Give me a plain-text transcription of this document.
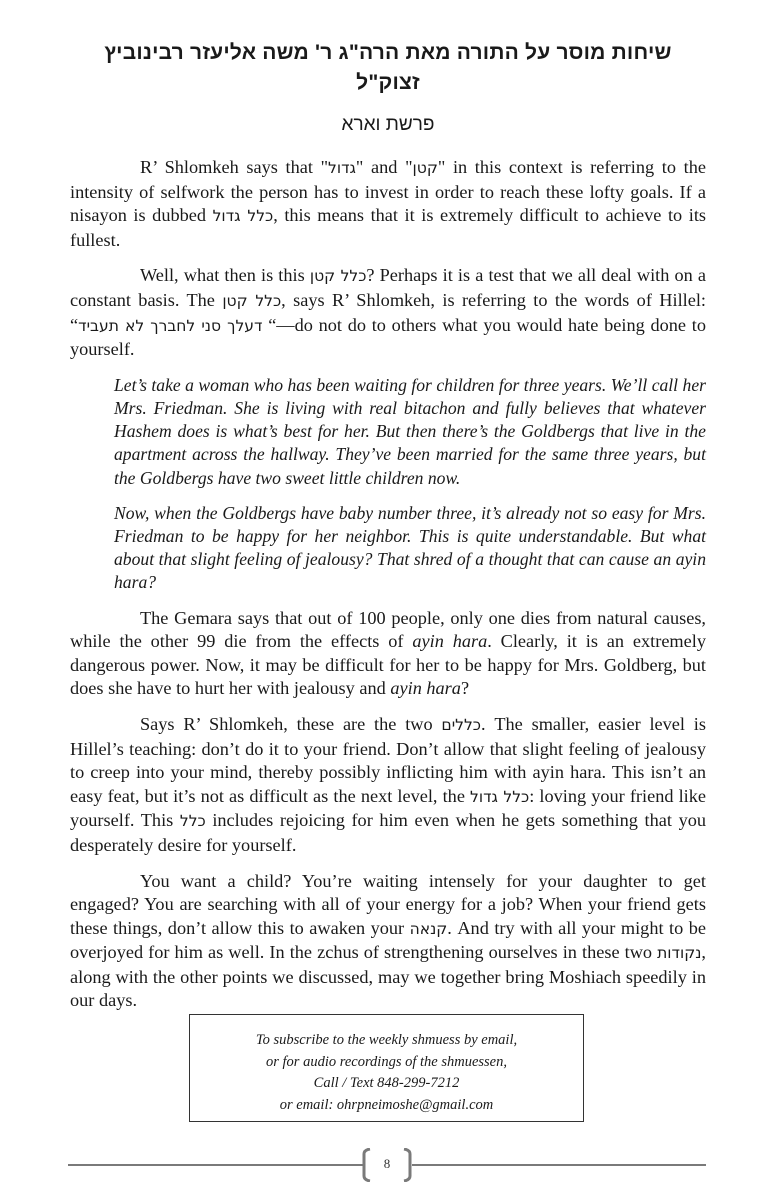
שיחות מוסר על התורה מאת הרה"ג ר' משה אליעזר רבינוביץ זצוק"ל
פרשת וארא

R’ Shlomkeh says that "גדול" and "קטן" in this context is referring to the intensity of selfwork the person has to invest in order to reach these lofty goals. If a nisayon is dubbed כלל גדול, this means that it is extremely difficult to achieve to its fullest.

Well, what then is this כלל קטן? Perhaps it is a test that we all deal with on a constant basis. The כלל קטן, says R’ Shlomkeh, is referring to the words of Hillel: “דעלך סני לחברך לא תעביד “—do not do to others what you would hate being done to yourself.

Let’s take a woman who has been waiting for children for three years. We’ll call her Mrs. Friedman. She is living with real bitachon and fully believes that whatever Hashem does is what’s best for her. But then there’s the Goldbergs that live in the apartment across the hallway. They’ve been married for the same three years, but the Goldbergs have two sweet little children now.

Now, when the Goldbergs have baby number three, it’s already not so easy for Mrs. Friedman to be happy for her neighbor. This is quite understandable. But what about that slight feeling of jealousy? That shred of a thought that can cause an ayin hara?

The Gemara says that out of 100 people, only one dies from natural causes, while the other 99 die from the effects of ayin hara. Clearly, it is an extremely dangerous power. Now, it may be difficult for her to be happy for Mrs. Goldberg, but does she have to hurt her with jealousy and ayin hara?

Says R’ Shlomkeh, these are the two כללים. The smaller, easier level is Hillel’s teaching: don’t do it to your friend. Don’t allow that slight feeling of jealousy to creep into your mind, thereby possibly inflicting him with ayin hara. This isn’t an easy feat, but it’s not as difficult as the next level, the כלל גדול: loving your friend like yourself. This כלל includes rejoicing for him even when he gets something that you desperately desire for yourself.

You want a child? You’re waiting intensely for your daughter to get engaged? You are searching with all of your energy for a job? When your friend gets these things, don’t allow this to awaken your קנאה. And try with all your might to be overjoyed for him as well. In the zchus of strengthening ourselves in these two נקודות, along with the other points we discussed, may we together bring Moshiach speedily in our days.

To subscribe to the weekly shmuess by email,
or for audio recordings of the shmuessen,
Call / Text 848-299-7212
or email: ohrpneimoshe@gmail.com
8
